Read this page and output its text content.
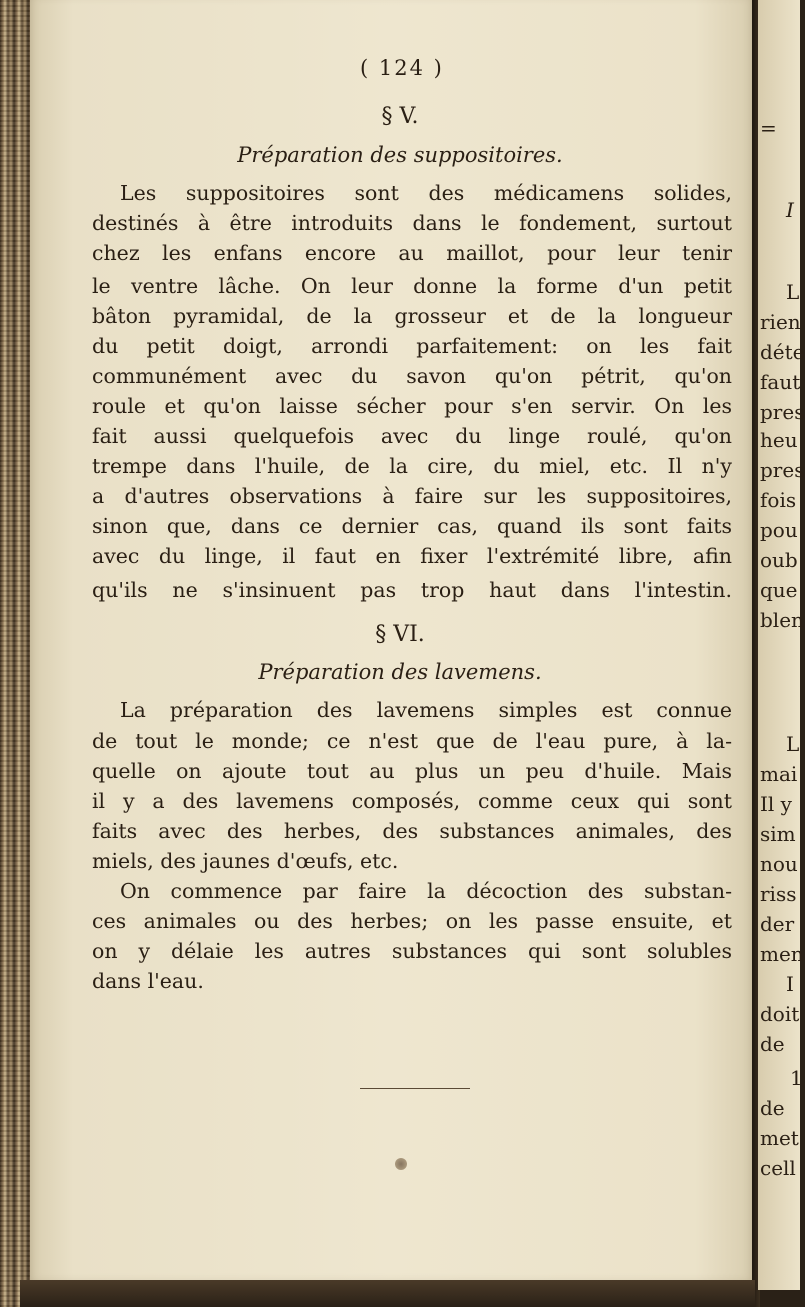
=
I
L
rien
déte
faut
pres
heu
pres
fois
pou
oub
que
blen
L
mai
Il y
sim
nou
riss
der
men
I
doit
de
1
de
met
cell
( 124 )
§ V.
Préparation des suppositoires.
Les suppositoires sont des médicamens solides,
destinés à être introduits dans le fondement, surtout
chez les enfans encore au maillot, pour leur tenir
le ventre lâche. On leur donne la forme d'un petit
bâton pyramidal, de la grosseur et de la longueur
du petit doigt, arrondi parfaitement: on les fait
communément avec du savon qu'on pétrit, qu'on
roule et qu'on laisse sécher pour s'en servir. On les
fait aussi quelquefois avec du linge roulé, qu'on
trempe dans l'huile, de la cire, du miel, etc. Il n'y
a d'autres observations à faire sur les suppositoires,
sinon que, dans ce dernier cas, quand ils sont faits
avec du linge, il faut en fixer l'extrémité libre, afin
qu'ils ne s'insinuent pas trop haut dans l'intestin.
§ VI.
Préparation des lavemens.
La préparation des lavemens simples est connue
de tout le monde; ce n'est que de l'eau pure, à la-
quelle on ajoute tout au plus un peu d'huile. Mais
il y a des lavemens composés, comme ceux qui sont
faits avec des herbes, des substances animales, des
miels, des jaunes d'œufs, etc.
On commence par faire la décoction des substan-
ces animales ou des herbes; on les passe ensuite, et
on y délaie les autres substances qui sont solubles
dans l'eau.
